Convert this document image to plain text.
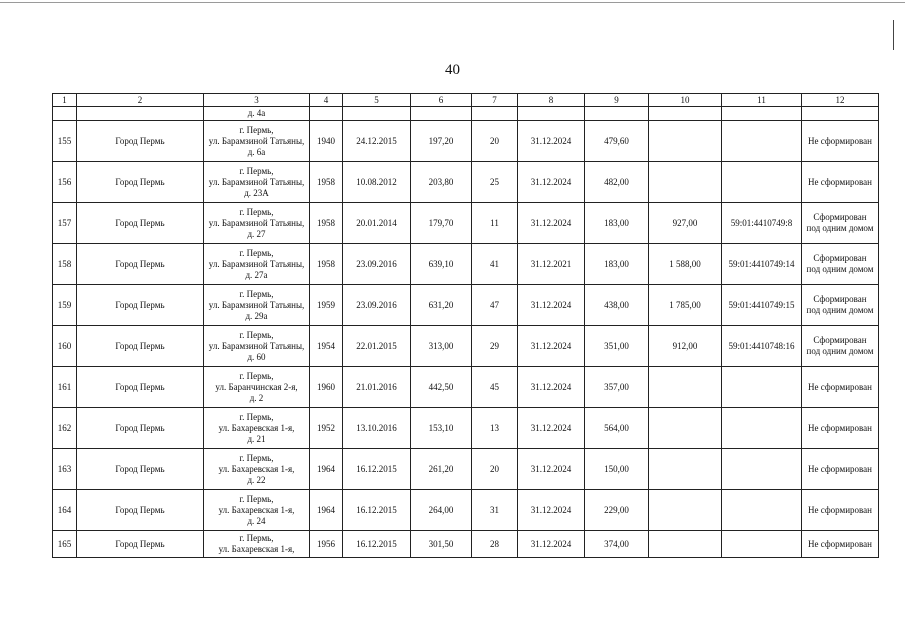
40
1	2	3	4	5	6	7	8	9	10	11	12
		д. 4а									
155	Город Пермь	г. Пермь,
ул. Барамзиной Татьяны,
д. 6а	1940	24.12.2015	197,20	20	31.12.2024	479,60			Не сформирован

156	Город Пермь	г. Пермь,
ул. Барамзиной Татьяны,
д. 23А	1958	10.08.2012	203,80	25	31.12.2024	482,00			Не сформирован

157	Город Пермь	г. Пермь,
ул. Барамзиной Татьяны,
д. 27	1958	20.01.2014	179,70	11	31.12.2024	183,00	927,00	59:01:4410749:8	Сформирован
под одним домом

158	Город Пермь	г. Пермь,
ул. Барамзиной Татьяны,
д. 27а	1958	23.09.2016	639,10	41	31.12.2021	183,00	1 588,00	59:01:4410749:14	Сформирован
под одним домом

159	Город Пермь	г. Пермь,
ул. Барамзиной Татьяны,
д. 29а	1959	23.09.2016	631,20	47	31.12.2024	438,00	1 785,00	59:01:4410749:15	Сформирован
под одним домом

160	Город Пермь	г. Пермь,
ул. Барамзиной Татьяны,
д. 60	1954	22.01.2015	313,00	29	31.12.2024	351,00	912,00	59:01:4410748:16	Сформирован
под одним домом

161	Город Пермь	г. Пермь,
ул. Баранчинская 2-я,
д. 2	1960	21.01.2016	442,50	45	31.12.2024	357,00			Не сформирован

162	Город Пермь	г. Пермь,
ул. Бахаревская 1-я,
д. 21	1952	13.10.2016	153,10	13	31.12.2024	564,00			Не сформирован

163	Город Пермь	г. Пермь,
ул. Бахаревская 1-я,
д. 22	1964	16.12.2015	261,20	20	31.12.2024	150,00			Не сформирован

164	Город Пермь	г. Пермь,
ул. Бахаревская 1-я,
д. 24	1964	16.12.2015	264,00	31	31.12.2024	229,00			Не сформирован

165	Город Пермь	г. Пермь,
ул. Бахаревская 1-я,	1956	16.12.2015	301,50	28	31.12.2024	374,00			Не сформирован
